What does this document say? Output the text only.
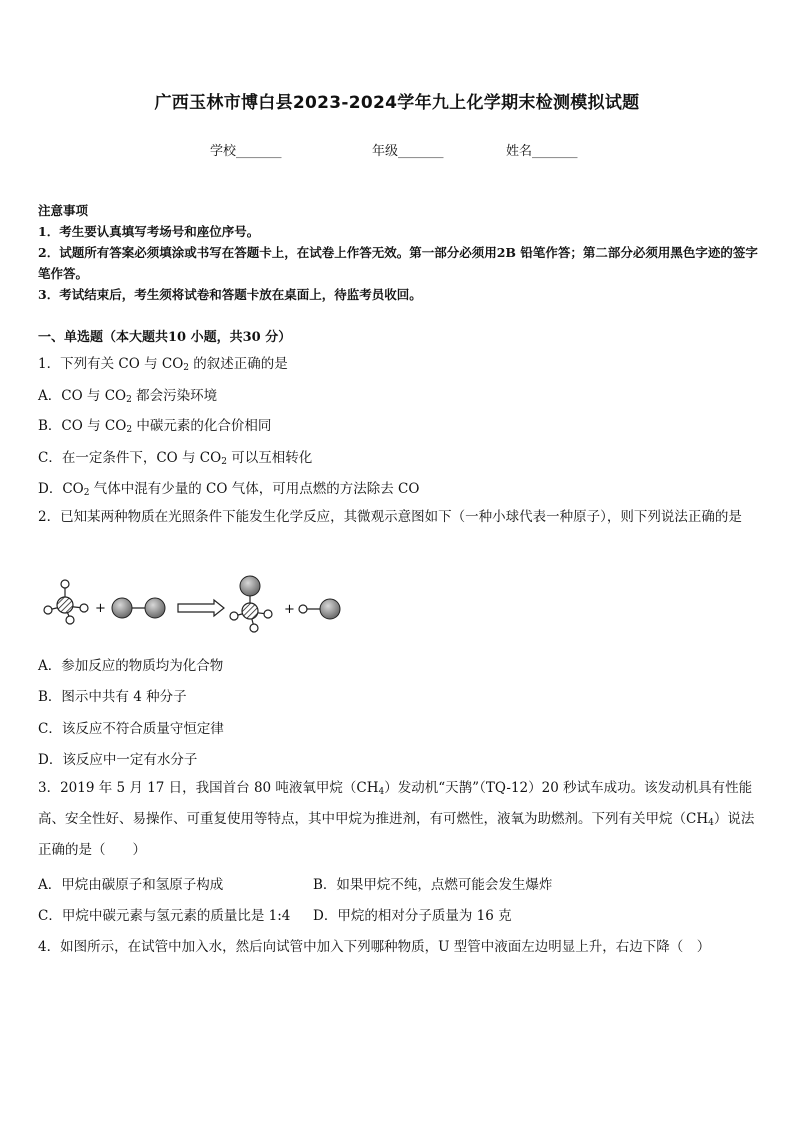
广西玉林市博白县2023-2024学年九上化学期末检测模拟试题
学校_______	年级_______	姓名_______
注意事项
1．考生要认真填写考场号和座位序号。
2．试题所有答案必须填涂或书写在答题卡上，在试卷上作答无效。第一部分必须用2B 铅笔作答；第二部分必须用黑色字迹的签字笔作答。
3．考试结束后，考生须将试卷和答题卡放在桌面上，待监考员收回。
一、单选题（本大题共10 小题，共30 分）
1．下列有关 CO 与 $CO_2$ 的叙述正确的是
A．CO 与 $CO_2$ 都会污染环境
B．CO 与 $CO_2$ 中碳元素的化合价相同
C．在一定条件下，CO 与 $CO_2$ 可以互相转化
D．$CO_2$ 气体中混有少量的 CO 气体，可用点燃的方法除去 CO
2．已知某两种物质在光照条件下能发生化学反应，其微观示意图如下（一种小球代表一种原子），则下列说法正确的是
+	+
A．参加反应的物质均为化合物
B．图示中共有 4 种分子
C．该反应不符合质量守恒定律
D．该反应中一定有水分子
3．2019 年 5 月 17 日，我国首台 80 吨液氧甲烷$(CH_4)$发动机“天鹊”（TQ-12）20 秒试车成功。该发动机具有性能高、安全性好、易操作、可重复使用等特点，其中甲烷为推进剂，有可燃性，液氧为助燃剂。下列有关甲烷$(CH_4)$说法正确的是（　　）
A．甲烷由碳原子和氢原子构成	B．如果甲烷不纯，点燃可能会发生爆炸
C．甲烷中碳元素与氢元素的质量比是 1:4 D．甲烷的相对分子质量为 16 克
4．如图所示，在试管中加入水，然后向试管中加入下列哪种物质，U 型管中液面左边明显上升，右边下降（　）
